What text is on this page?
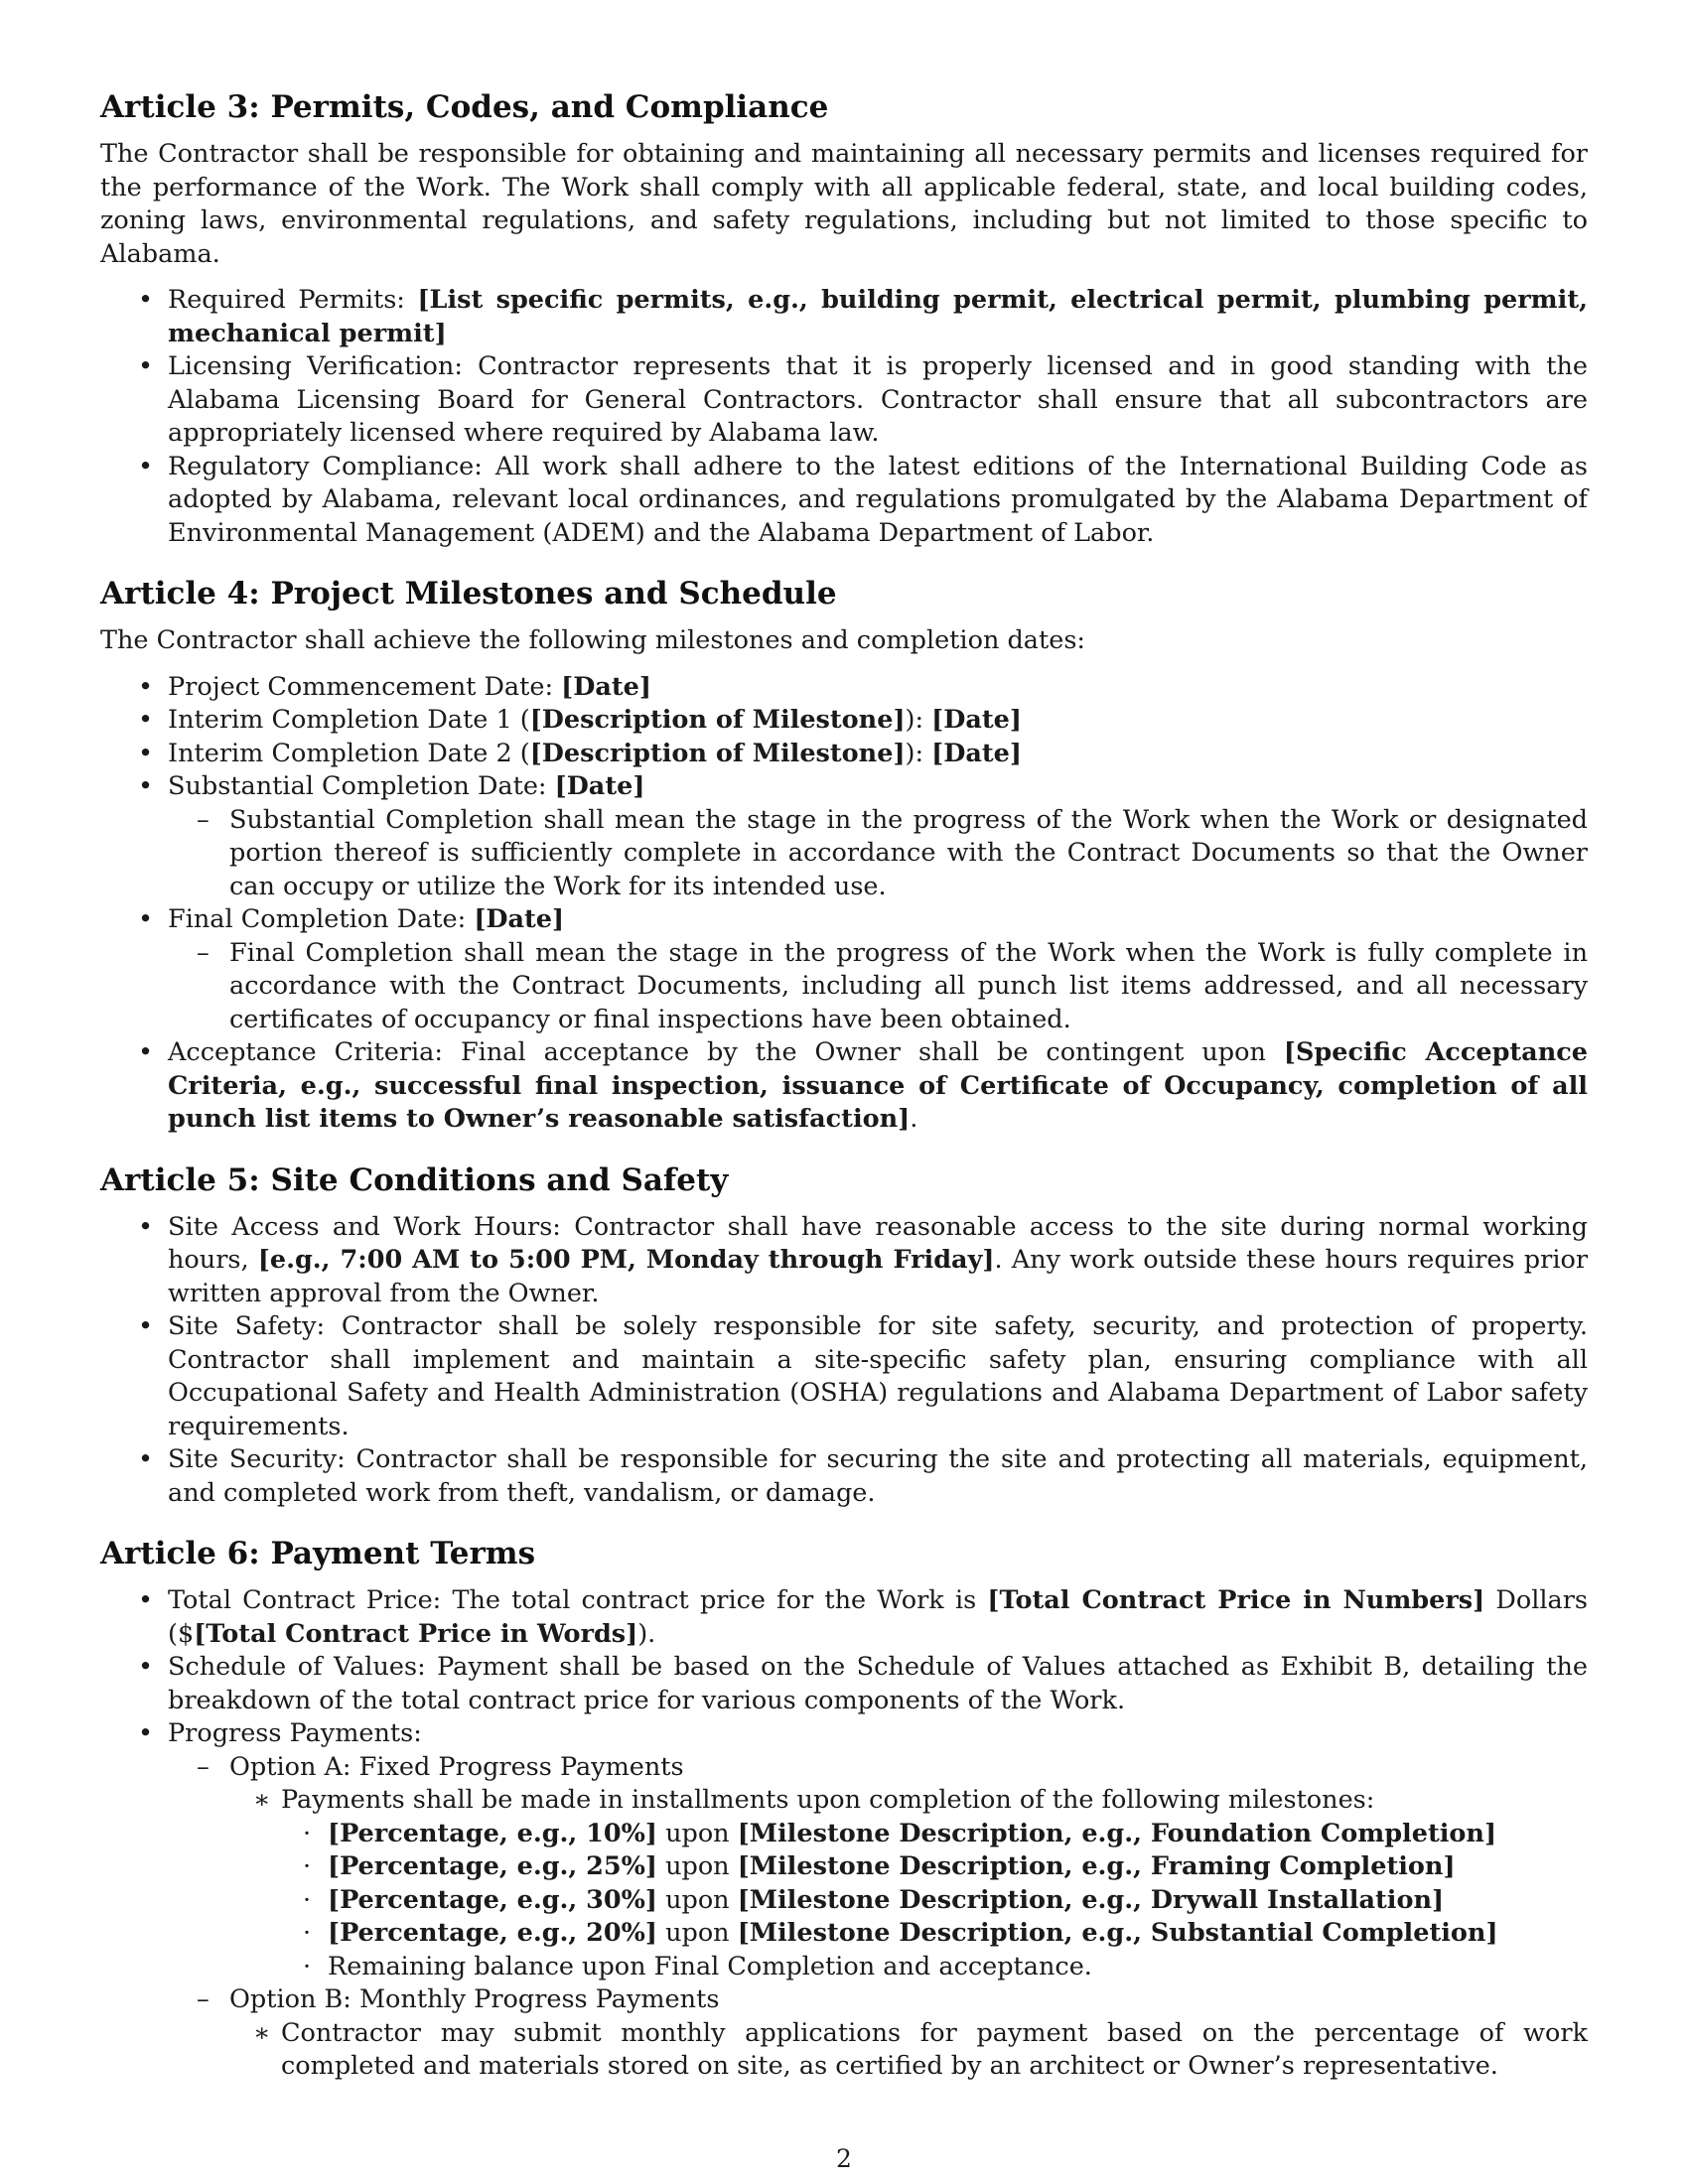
Article 3: Permits, Codes, and Compliance

The Contractor shall be responsible for obtaining and maintaining all necessary permits and licenses required for the performance of the Work. The Work shall comply with all applicable federal, state, and local building codes, zoning laws, environmental regulations, and safety regulations, including but not limited to those specific to Alabama.

• Required Permits: [List specific permits, e.g., building permit, electrical permit, plumbing permit, mechanical permit]
• Licensing Verification: Contractor represents that it is properly licensed and in good standing with the Alabama Licensing Board for General Contractors. Contractor shall ensure that all subcontractors are appropriately licensed where required by Alabama law.
• Regulatory Compliance: All work shall adhere to the latest editions of the International Building Code as adopted by Alabama, relevant local ordinances, and regulations promulgated by the Alabama Department of Environmental Management (ADEM) and the Alabama Department of Labor.
Article 4: Project Milestones and Schedule

The Contractor shall achieve the following milestones and completion dates:

• Project Commencement Date: [Date]
• Interim Completion Date 1 ([Description of Milestone]): [Date]
• Interim Completion Date 2 ([Description of Milestone]): [Date]
• Substantial Completion Date: [Date]
– Substantial Completion shall mean the stage in the progress of the Work when the Work or designated portion thereof is sufficiently complete in accordance with the Contract Documents so that the Owner can occupy or utilize the Work for its intended use.
• Final Completion Date: [Date]
– Final Completion shall mean the stage in the progress of the Work when the Work is fully complete in accordance with the Contract Documents, including all punch list items addressed, and all necessary certificates of occupancy or final inspections have been obtained.
• Acceptance Criteria: Final acceptance by the Owner shall be contingent upon [Specific Acceptance Criteria, e.g., successful final inspection, issuance of Certificate of Occupancy, completion of all punch list items to Owner’s reasonable satisfaction].
Article 5: Site Conditions and Safety
• Site Access and Work Hours: Contractor shall have reasonable access to the site during normal working hours, [e.g., 7:00 AM to 5:00 PM, Monday through Friday]. Any work outside these hours requires prior written approval from the Owner.
• Site Safety: Contractor shall be solely responsible for site safety, security, and protection of property. Contractor shall implement and maintain a site-specific safety plan, ensuring compliance with all Occupational Safety and Health Administration (OSHA) regulations and Alabama Department of Labor safety requirements.
• Site Security: Contractor shall be responsible for securing the site and protecting all materials, equipment, and completed work from theft, vandalism, or damage.
Article 6: Payment Terms
• Total Contract Price: The total contract price for the Work is [Total Contract Price in Numbers] Dollars ($[Total Contract Price in Words]).
• Schedule of Values: Payment shall be based on the Schedule of Values attached as Exhibit B, detailing the breakdown of the total contract price for various components of the Work.
• Progress Payments:
– Option A: Fixed Progress Payments
∗ Payments shall be made in installments upon completion of the following milestones:
· [Percentage, e.g., 10%] upon [Milestone Description, e.g., Foundation Completion]
· [Percentage, e.g., 25%] upon [Milestone Description, e.g., Framing Completion]
· [Percentage, e.g., 30%] upon [Milestone Description, e.g., Drywall Installation]
· [Percentage, e.g., 20%] upon [Milestone Description, e.g., Substantial Completion]
· Remaining balance upon Final Completion and acceptance.
– Option B: Monthly Progress Payments
∗ Contractor may submit monthly applications for payment based on the percentage of work completed and materials stored on site, as certified by an architect or Owner’s representative.
2
